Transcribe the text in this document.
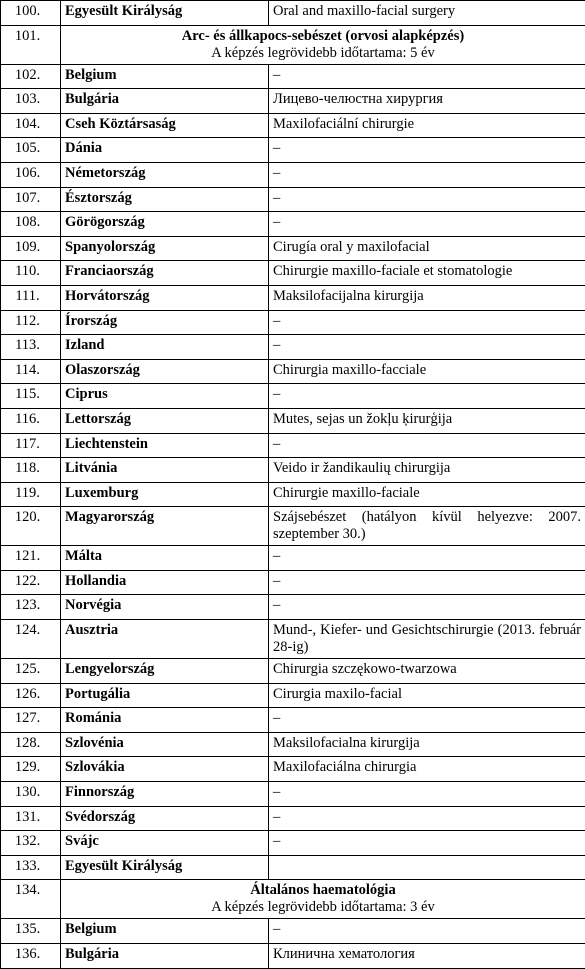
100.	Egyesült Királyság	Oral and maxillo-facial surgery
101.	Arc- és állkapocs-sebészet (orvosi alapképzés)
A képzés legrövidebb időtartama: 5 év	

102.	Belgium	–
103.	Bulgária	Лицево-челюстна хирургия
104.	Cseh Köztársaság	Maxilofaciální chirurgie
105.	Dánia	–
106.	Németország	–
107.	Észtország	–
108.	Görögország	–
109.	Spanyolország	Cirugía oral y maxilofacial
110.	Franciaország	Chirurgie maxillo-faciale et stomatologie
111.	Horvátország	Maksilofacijalna kirurgija
112.	Írország	–
113.	Izland	–
114.	Olaszország	Chirurgia maxillo-facciale
115.	Ciprus	–
116.	Lettország	Mutes, sejas un žokļu ķirurģija
117.	Liechtenstein	–
118.	Litvánia	Veido ir žandikaulių chirurgija
119.	Luxemburg	Chirurgie maxillo-faciale
120.	Magyarország	Szájsebészet (hatályon kívül helyezve: 2007. szeptember 30.)
121.	Málta	–
122.	Hollandia	–
123.	Norvégia	–
124.	Ausztria	Mund-, Kiefer- und Gesichtschirurgie (2013. február 28-ig)
125.	Lengyelország	Chirurgia szczękowo-twarzowa
126.	Portugália	Cirurgia maxilo-facial
127.	Románia	–
128.	Szlovénia	Maksilofacialna kirurgija
129.	Szlovákia	Maxilofaciálna chirurgia
130.	Finnország	–
131.	Svédország	–
132.	Svájc	–
133.	Egyesült Királyság	
134.	Általános haematológia
A képzés legrövidebb időtartama: 3 év	

135.	Belgium	–
136.	Bulgária	Клинична хематология
